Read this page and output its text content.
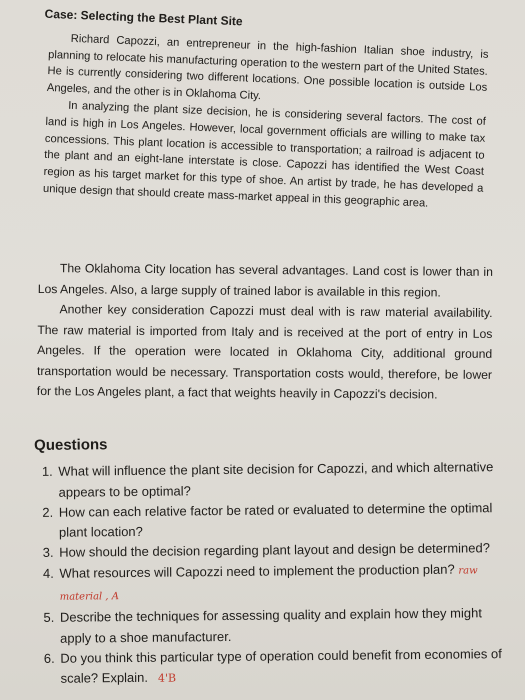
Case: Selecting the Best Plant Site

Richard Capozzi, an entrepreneur in the high-fashion Italian shoe industry, is planning to relocate his manufacturing operation to the western part of the United States. He is currently considering two different locations. One possible location is outside Los Angeles, and the other is in Oklahoma City.

In analyzing the plant size decision, he is considering several factors. The cost of land is high in Los Angeles. However, local government officials are willing to make tax concessions. This plant location is accessible to transportation; a railroad is adjacent to the plant and an eight-lane interstate is close. Capozzi has identified the West Coast region as his target market for this type of shoe. An artist by trade, he has developed a unique design that should create mass-market appeal in this geographic area.

The Oklahoma City location has several advantages. Land cost is lower than in Los Angeles. Also, a large supply of trained labor is available in this region.

Another key consideration Capozzi must deal with is raw material availability. The raw material is imported from Italy and is received at the port of entry in Los Angeles. If the operation were located in Oklahoma City, additional ground transportation would be necessary. Transportation costs would, therefore, be lower for the Los Angeles plant, a fact that weights heavily in Capozzi's decision.

Questions
1. What will influence the plant site decision for Capozzi, and which alternative appears to be optimal?
2. How can each relative factor be rated or evaluated to determine the optimal plant location?
3. How should the decision regarding plant layout and design be determined?
4. What resources will Capozzi need to implement the production plan? raw material , A
5. Describe the techniques for assessing quality and explain how they might apply to a shoe manufacturer.
6. Do you think this particular type of operation could benefit from economies of scale? Explain. 4'B
